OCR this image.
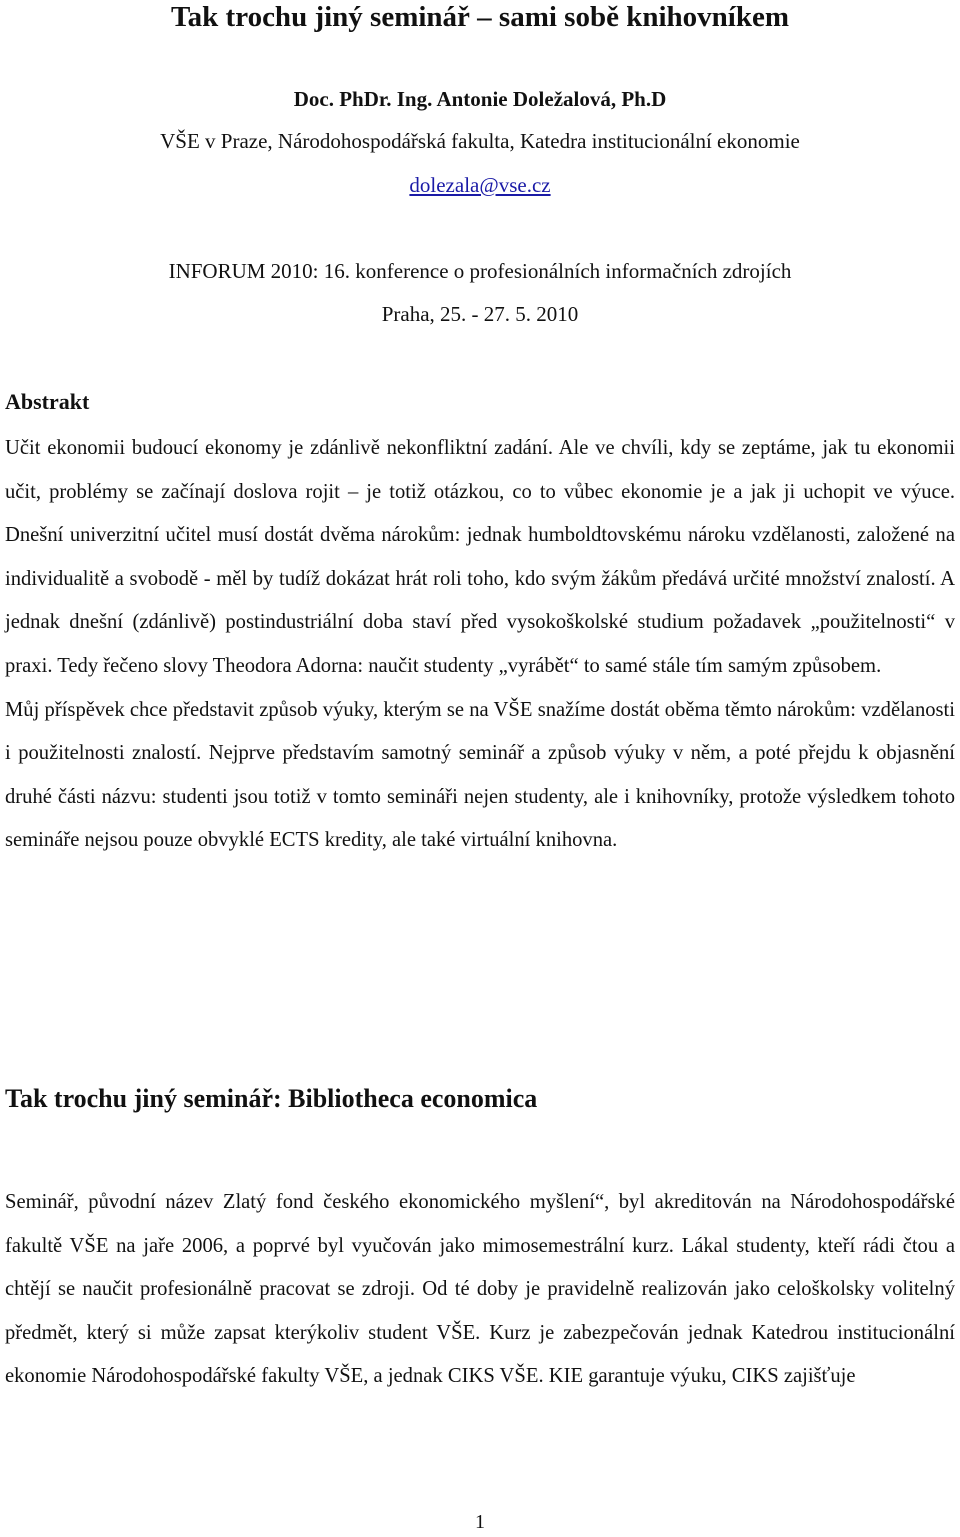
Tak trochu jiný seminář – sami sobě knihovníkem
Doc. PhDr. Ing. Antonie Doležalová, Ph.D
VŠE v Praze, Národohospodářská fakulta, Katedra institucionální ekonomie
dolezala@vse.cz
INFORUM 2010: 16. konference o profesionálních informačních zdrojích
Praha, 25. - 27. 5. 2010
Abstrakt

Učit ekonomii budoucí ekonomy je zdánlivě nekonfliktní zadání. Ale ve chvíli, kdy se zeptáme, jak tu ekonomii učit, problémy se začínají doslova rojit – je totiž otázkou, co to vůbec ekonomie je a jak ji uchopit ve výuce. Dnešní univerzitní učitel musí dostát dvěma nárokům: jednak humboldtovskému nároku vzdělanosti, založené na individualitě a svobodě - měl by tudíž dokázat hrát roli toho, kdo svým žákům předává určité množství znalostí. A jednak dnešní (zdánlivě) postindustriální doba staví před vysokoškolské studium požadavek „použitelnosti“ v praxi. Tedy řečeno slovy Theodora Adorna: naučit studenty „vyrábět“ to samé stále tím samým způsobem.

Můj příspěvek chce představit způsob výuky, kterým se na VŠE snažíme dostát oběma těmto nárokům: vzdělanosti i použitelnosti znalostí. Nejprve představím samotný seminář a způsob výuky v něm, a poté přejdu k objasnění druhé části názvu: studenti jsou totiž v tomto semináři nejen studenty, ale i knihovníky, protože výsledkem tohoto semináře nejsou pouze obvyklé ECTS kredity, ale také virtuální knihovna.

Tak trochu jiný seminář: Bibliotheca economica

Seminář, původní název Zlatý fond českého ekonomického myšlení“, byl akreditován na Národohospodářské fakultě VŠE na jaře 2006, a poprvé byl vyučován jako mimosemestrální kurz. Lákal studenty, kteří rádi čtou a chtějí se naučit profesionálně pracovat se zdroji. Od té doby je pravidelně realizován jako celoškolsky volitelný předmět, který si může zapsat kterýkoliv student VŠE. Kurz je zabezpečován jednak Katedrou institucionální ekonomie Národohospodářské fakulty VŠE, a jednak CIKS VŠE. KIE garantuje výuku, CIKS zajišťuje

1
